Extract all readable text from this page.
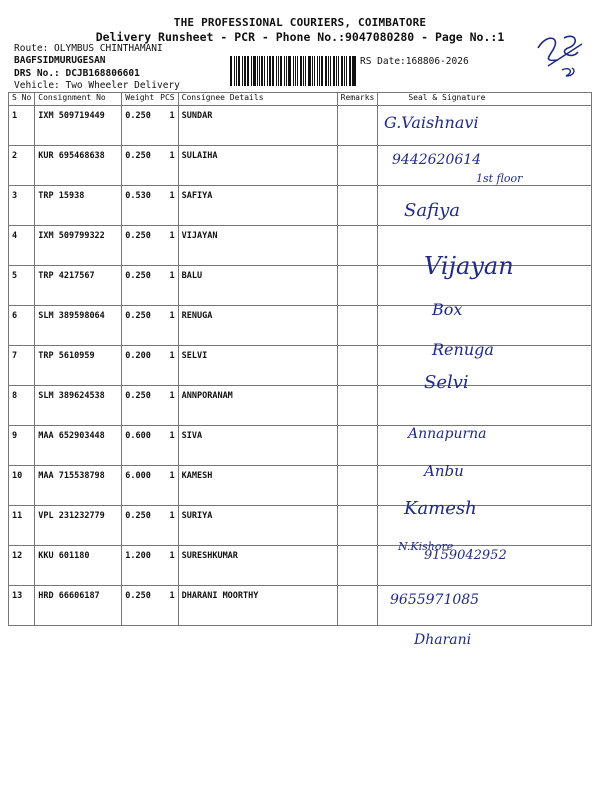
THE PROFESSIONAL COURIERS, COIMBATORE
Delivery Runsheet - PCR - Phone No.:9047080280 - Page No.:1
Route: OLYMBUS CHINTHAMANI
BAGFSIDMURUGESAN
DRS No.: DCJB168806601
Vehicle: Two Wheeler Delivery
RS Date:168806-2026
S No	Consignment No	Weight	PCS	Consignee Details	Remarks	Seal & Signature
1	IXM 509719449	0.250	1	SUNDAR		
2	KUR 695468638	0.250	1	SULAIHA		
3	TRP 15938	0.530	1	SAFIYA		
4	IXM 509799322	0.250	1	VIJAYAN		
5	TRP 4217567	0.250	1	BALU		
6	SLM 389598064	0.250	1	RENUGA		
7	TRP 5610959	0.200	1	SELVI		
8	SLM 389624538	0.250	1	ANNPORANAM		
9	MAA 652903448	0.600	1	SIVA		
10	MAA 715538798	6.000	1	KAMESH		
11	VPL 231232779	0.250	1	SURIYA		
12	KKU 601180	1.200	1	SURESHKUMAR		
13	HRD 66606187	0.250	1	DHARANI MOORTHY		
G.Vaishnavi
9442620614
Safiya
Vijayan
Box
Renuga
Selvi
Annapurna
Anbu
Kamesh
9159042952
9655971085
Dharani
1st floor
N.Kishore
